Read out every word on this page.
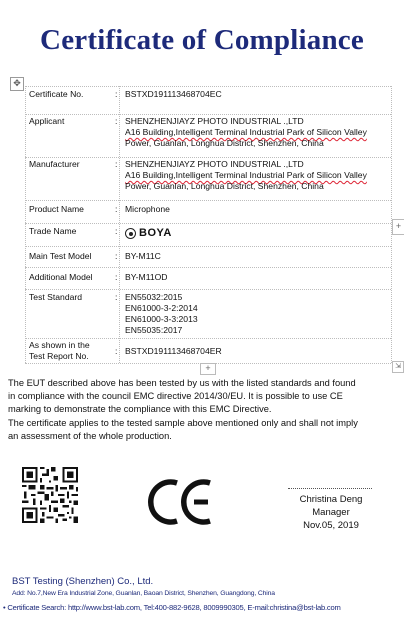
Certificate of Compliance
✥
Certificate No.	: BSTXD191113468704EC
Applicant	: SHENZHENJIAYZ PHOTO INDUSTRIAL .,LTD
A16 Building,Intelligent Terminal Industrial Park of Silicon Valley
Power, Guanlan, Longhua District, Shenzhen, China
Manufacturer	: SHENZHENJIAYZ PHOTO INDUSTRIAL .,LTD
A16 Building,Intelligent Terminal Industrial Park of Silicon Valley
Power, Guanlan, Longhua District, Shenzhen, China
Product Name	: Microphone
Trade Name	: BOYA
Main Test Model	: BY-M11C
Additional Model	: BY-M11OD
Test Standard	: EN55032:2015
EN61000-3-2:2014
EN61000-3-3:2013
EN55035:2017
As shown in the
Test Report No.	: BSTXD191113468704ER
+
+
⇲
The EUT described above has been tested by us with the listed standards and found
in compliance with the council EMC directive 2014/30/EU. It is possible to use CE
marking to demonstrate the compliance with this EMC Directive.
The certificate applies to the tested sample above mentioned only and shall not imply
an assessment of the whole production.
Christina Deng
Manager
Nov.05, 2019
BST Testing (Shenzhen) Co., Ltd.
Add: No.7,New Era Industrial Zone, Guanlan, Baoan District, Shenzhen, Guangdong, China
• Certificate Search: http://www.bst-lab.com, Tel:400-882-9628, 8009990305, E-mail:christina@bst-lab.com
